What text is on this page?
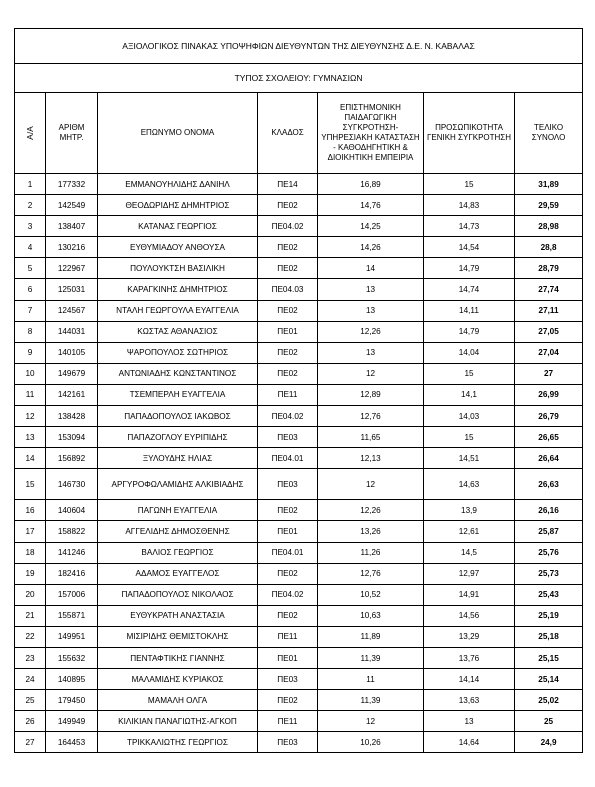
ΑΞΙΟΛΟΓΙΚΟΣ ΠΙΝΑΚΑΣ ΥΠΟΨΗΦΙΩΝ ΔΙΕΥΘΥΝΤΩΝ ΤΗΣ ΔΙΕΥΘΥΝΣΗΣ Δ.Ε. Ν. ΚΑΒΑΛΑΣ						
ΤΥΠΟΣ ΣΧΟΛΕΙΟΥ: ΓΥΜΝΑΣΙΩΝ						
Α/Α	ΑΡΙΘΜ ΜΗΤΡ.	ΕΠΩΝΥΜΟ ΟΝΟΜΑ	ΚΛΑΔΟΣ	ΕΠΙΣΤΗΜΟΝΙΚΗ ΠΑΙΔΑΓΩΓΙΚΗ ΣΥΓΚΡΟΤΗΣΗ- ΥΠΗΡΕΣΙΑΚΗ ΚΑΤΑΣΤΑΣΗ - ΚΑΘΟΔΗΓΗΤΙΚΗ & ΔΙΟΙΚΗΤΙΚΗ ΕΜΠΕΙΡΙΑ	ΠΡΟΣΩΠΙΚΟΤΗΤΑ ΓΕΝΙΚΗ ΣΥΓΚΡΟΤΗΣΗ	ΤΕΛΙΚΟ ΣΥΝΟΛΟ
1	177332	ΕΜΜΑΝΟΥΗΛΙΔΗΣ ΔΑΝΙΗΛ	ΠΕ14	16,89	15	31,89
2	142549	ΘΕΟΔΩΡΙΔΗΣ ΔΗΜΗΤΡΙΟΣ	ΠΕ02	14,76	14,83	29,59
3	138407	ΚΑΤΑΝΑΣ ΓΕΩΡΓΙΟΣ	ΠΕ04.02	14,25	14,73	28,98
4	130216	ΕΥΘΥΜΙΑΔΟΥ ΑΝΘΟΥΣΑ	ΠΕ02	14,26	14,54	28,8
5	122967	ΠΟΥΛΟΥΚΤΣΗ ΒΑΣΙΛΙΚΗ	ΠΕ02	14	14,79	28,79
6	125031	ΚΑΡΑΓΚΙΝΗΣ ΔΗΜΗΤΡΙΟΣ	ΠΕ04.03	13	14,74	27,74
7	124567	ΝΤΑΛΗ ΓΕΩΡΓΟΥΛΑ ΕΥΑΓΓΕΛΙΑ	ΠΕ02	13	14,11	27,11
8	144031	ΚΩΣΤΑΣ ΑΘΑΝΑΣΙΟΣ	ΠΕ01	12,26	14,79	27,05
9	140105	ΨΑΡΟΠΟΥΛΟΣ ΣΩΤΗΡΙΟΣ	ΠΕ02	13	14,04	27,04
10	149679	ΑΝΤΩΝΙΑΔΗΣ ΚΩΝΣΤΑΝΤΙΝΟΣ	ΠΕ02	12	15	27
11	142161	ΤΣΕΜΠΕΡΛΗ ΕΥΑΓΓΕΛΙΑ	ΠΕ11	12,89	14,1	26,99
12	138428	ΠΑΠΑΔΟΠΟΥΛΟΣ ΙΑΚΩΒΟΣ	ΠΕ04.02	12,76	14,03	26,79
13	153094	ΠΑΠΑΖΟΓΛΟΥ ΕΥΡΙΠΙΔΗΣ	ΠΕ03	11,65	15	26,65
14	156892	ΞΥΛΟΥΔΗΣ ΗΛΙΑΣ	ΠΕ04.01	12,13	14,51	26,64
15	146730	ΑΡΓΥΡΟΦΩΛΑΜΙΔΗΣ ΑΛΚΙΒΙΑΔΗΣ	ΠΕ03	12	14,63	26,63
16	140604	ΠΑΓΩΝΗ ΕΥΑΓΓΕΛΙΑ	ΠΕ02	12,26	13,9	26,16
17	158822	ΑΓΓΕΛΙΔΗΣ ΔΗΜΟΣΘΕΝΗΣ	ΠΕ01	13,26	12,61	25,87
18	141246	ΒΑΛΙΟΣ ΓΕΩΡΓΙΟΣ	ΠΕ04.01	11,26	14,5	25,76
19	182416	ΑΔΑΜΟΣ ΕΥΑΓΓΕΛΟΣ	ΠΕ02	12,76	12,97	25,73
20	157006	ΠΑΠΑΔΟΠΟΥΛΟΣ ΝΙΚΟΛΑΟΣ	ΠΕ04.02	10,52	14,91	25,43
21	155871	ΕΥΘΥΚΡΑΤΗ ΑΝΑΣΤΑΣΙΑ	ΠΕ02	10,63	14,56	25,19
22	149951	ΜΙΣΙΡΙΔΗΣ ΘΕΜΙΣΤΟΚΛΗΣ	ΠΕ11	11,89	13,29	25,18
23	155632	ΠΕΝΤΑΦΤΙΚΗΣ ΓΙΑΝΝΗΣ	ΠΕ01	11,39	13,76	25,15
24	140895	ΜΑΛΑΜΙΔΗΣ ΚΥΡΙΑΚΟΣ	ΠΕ03	11	14,14	25,14
25	179450	ΜΑΜΑΛΗ ΟΛΓΑ	ΠΕ02	11,39	13,63	25,02
26	149949	ΚΙΛΙΚΙΑΝ ΠΑΝΑΓΙΩΤΗΣ-ΑΓΚΟΠ	ΠΕ11	12	13	25
27	164453	ΤΡΙΚΚΑΛΙΩΤΗΣ ΓΕΩΡΓΙΟΣ	ΠΕ03	10,26	14,64	24,9
